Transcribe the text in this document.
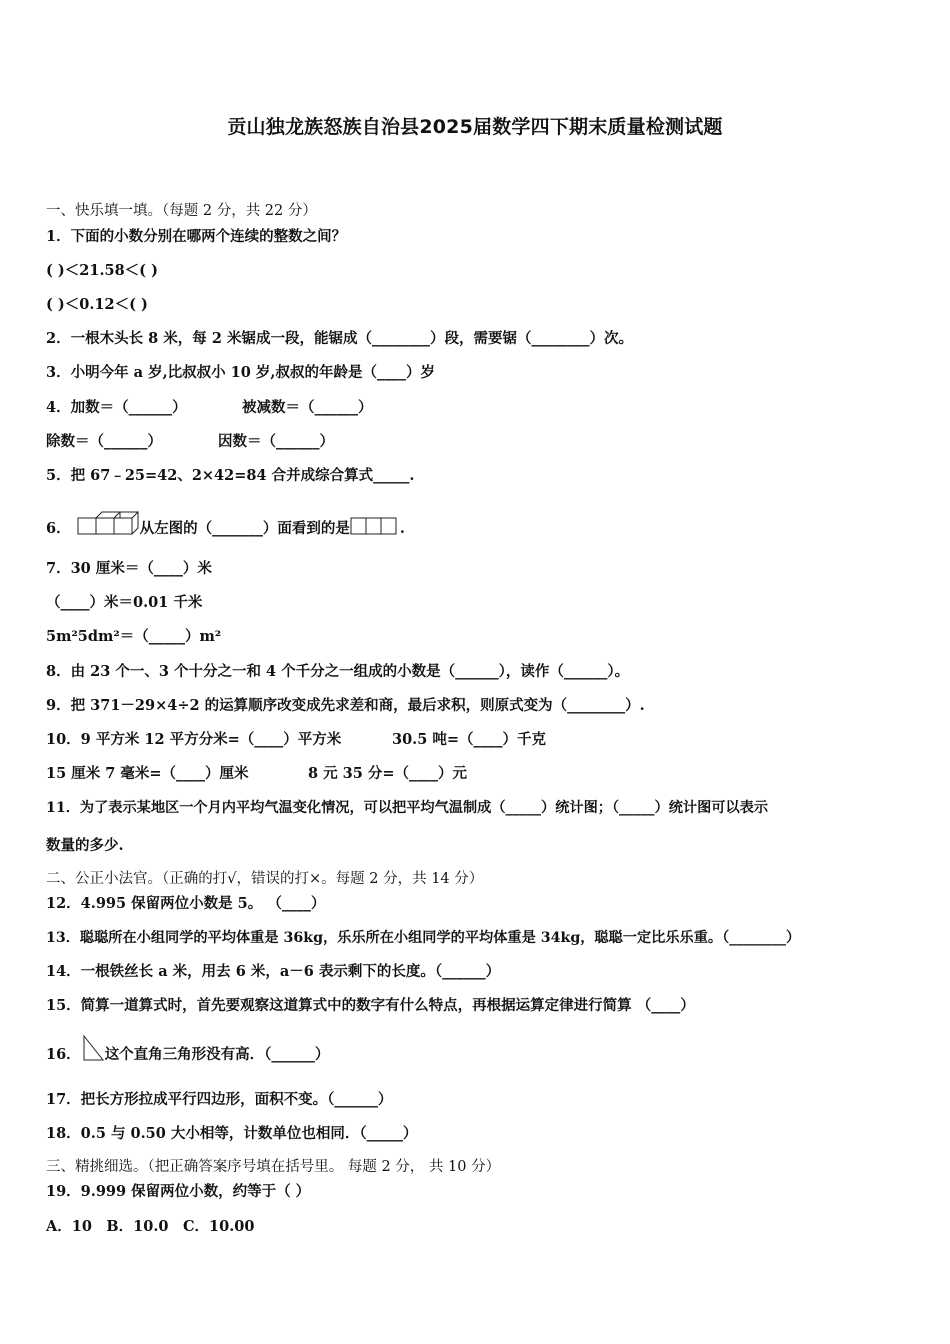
贡山独龙族怒族自治县2025届数学四下期末质量检测试题
一、快乐填一填。（每题 2 分，共 22 分）
1．下面的小数分别在哪两个连续的整数之间？
( )＜21.58＜( )
( )＜0.12＜( )
2．一根木头长 8 米，每 2 米锯成一段，能锯成（________）段，需要锯（________）次。
3．小明今年 a 岁,比叔叔小 10 岁,叔叔的年龄是（____）岁
4．加数＝（______）	被减数＝（______）
除数＝（______）	因数＝（______）
5．把 67﹣25=42、2×42=84 合并成综合算式_____.
6．	从左图的（_______）面看到的是	.
7．30 厘米＝（____）米
（____）米＝0.01 千米
5m²5dm²＝（_____）m²
8．由 23 个一、3 个十分之一和 4 个千分之一组成的小数是（______），读作（______）。
9．把 371－29×4÷2 的运算顺序改变成先求差和商，最后求积，则原式变为（________）.
10．9 平方米 12 平方分米=（____）平方米	30.5 吨=（____）千克
15 厘米 7 毫米=（____）厘米	8 元 35 分=（____）元
11．为了表示某地区一个月内平均气温变化情况，可以把平均气温制成（_____）统计图；（_____）统计图可以表示
数量的多少.
二、公正小法官。（正确的打√，错误的打×。每题 2 分，共 14 分）
12．4.995 保留两位小数是 5。 （____）
13．聪聪所在小组同学的平均体重是 36kg，乐乐所在小组同学的平均体重是 34kg，聪聪一定比乐乐重。（________）
14．一根铁丝长 a 米，用去 6 米，a－6 表示剩下的长度。（______）
15．简算一道算式时，首先要观察这道算式中的数字有什么特点，再根据运算定律进行简算 （____）
16． 这个直角三角形没有高．（______）
17．把长方形拉成平行四边形，面积不变。（______）
18．0.5 与 0.50 大小相等，计数单位也相同．（_____）
三、精挑细选。（把正确答案序号填在括号里。 每题 2 分， 共 10 分）
19．9.999 保留两位小数，约等于（ ）
A．10　B．10.0　C．10.00
